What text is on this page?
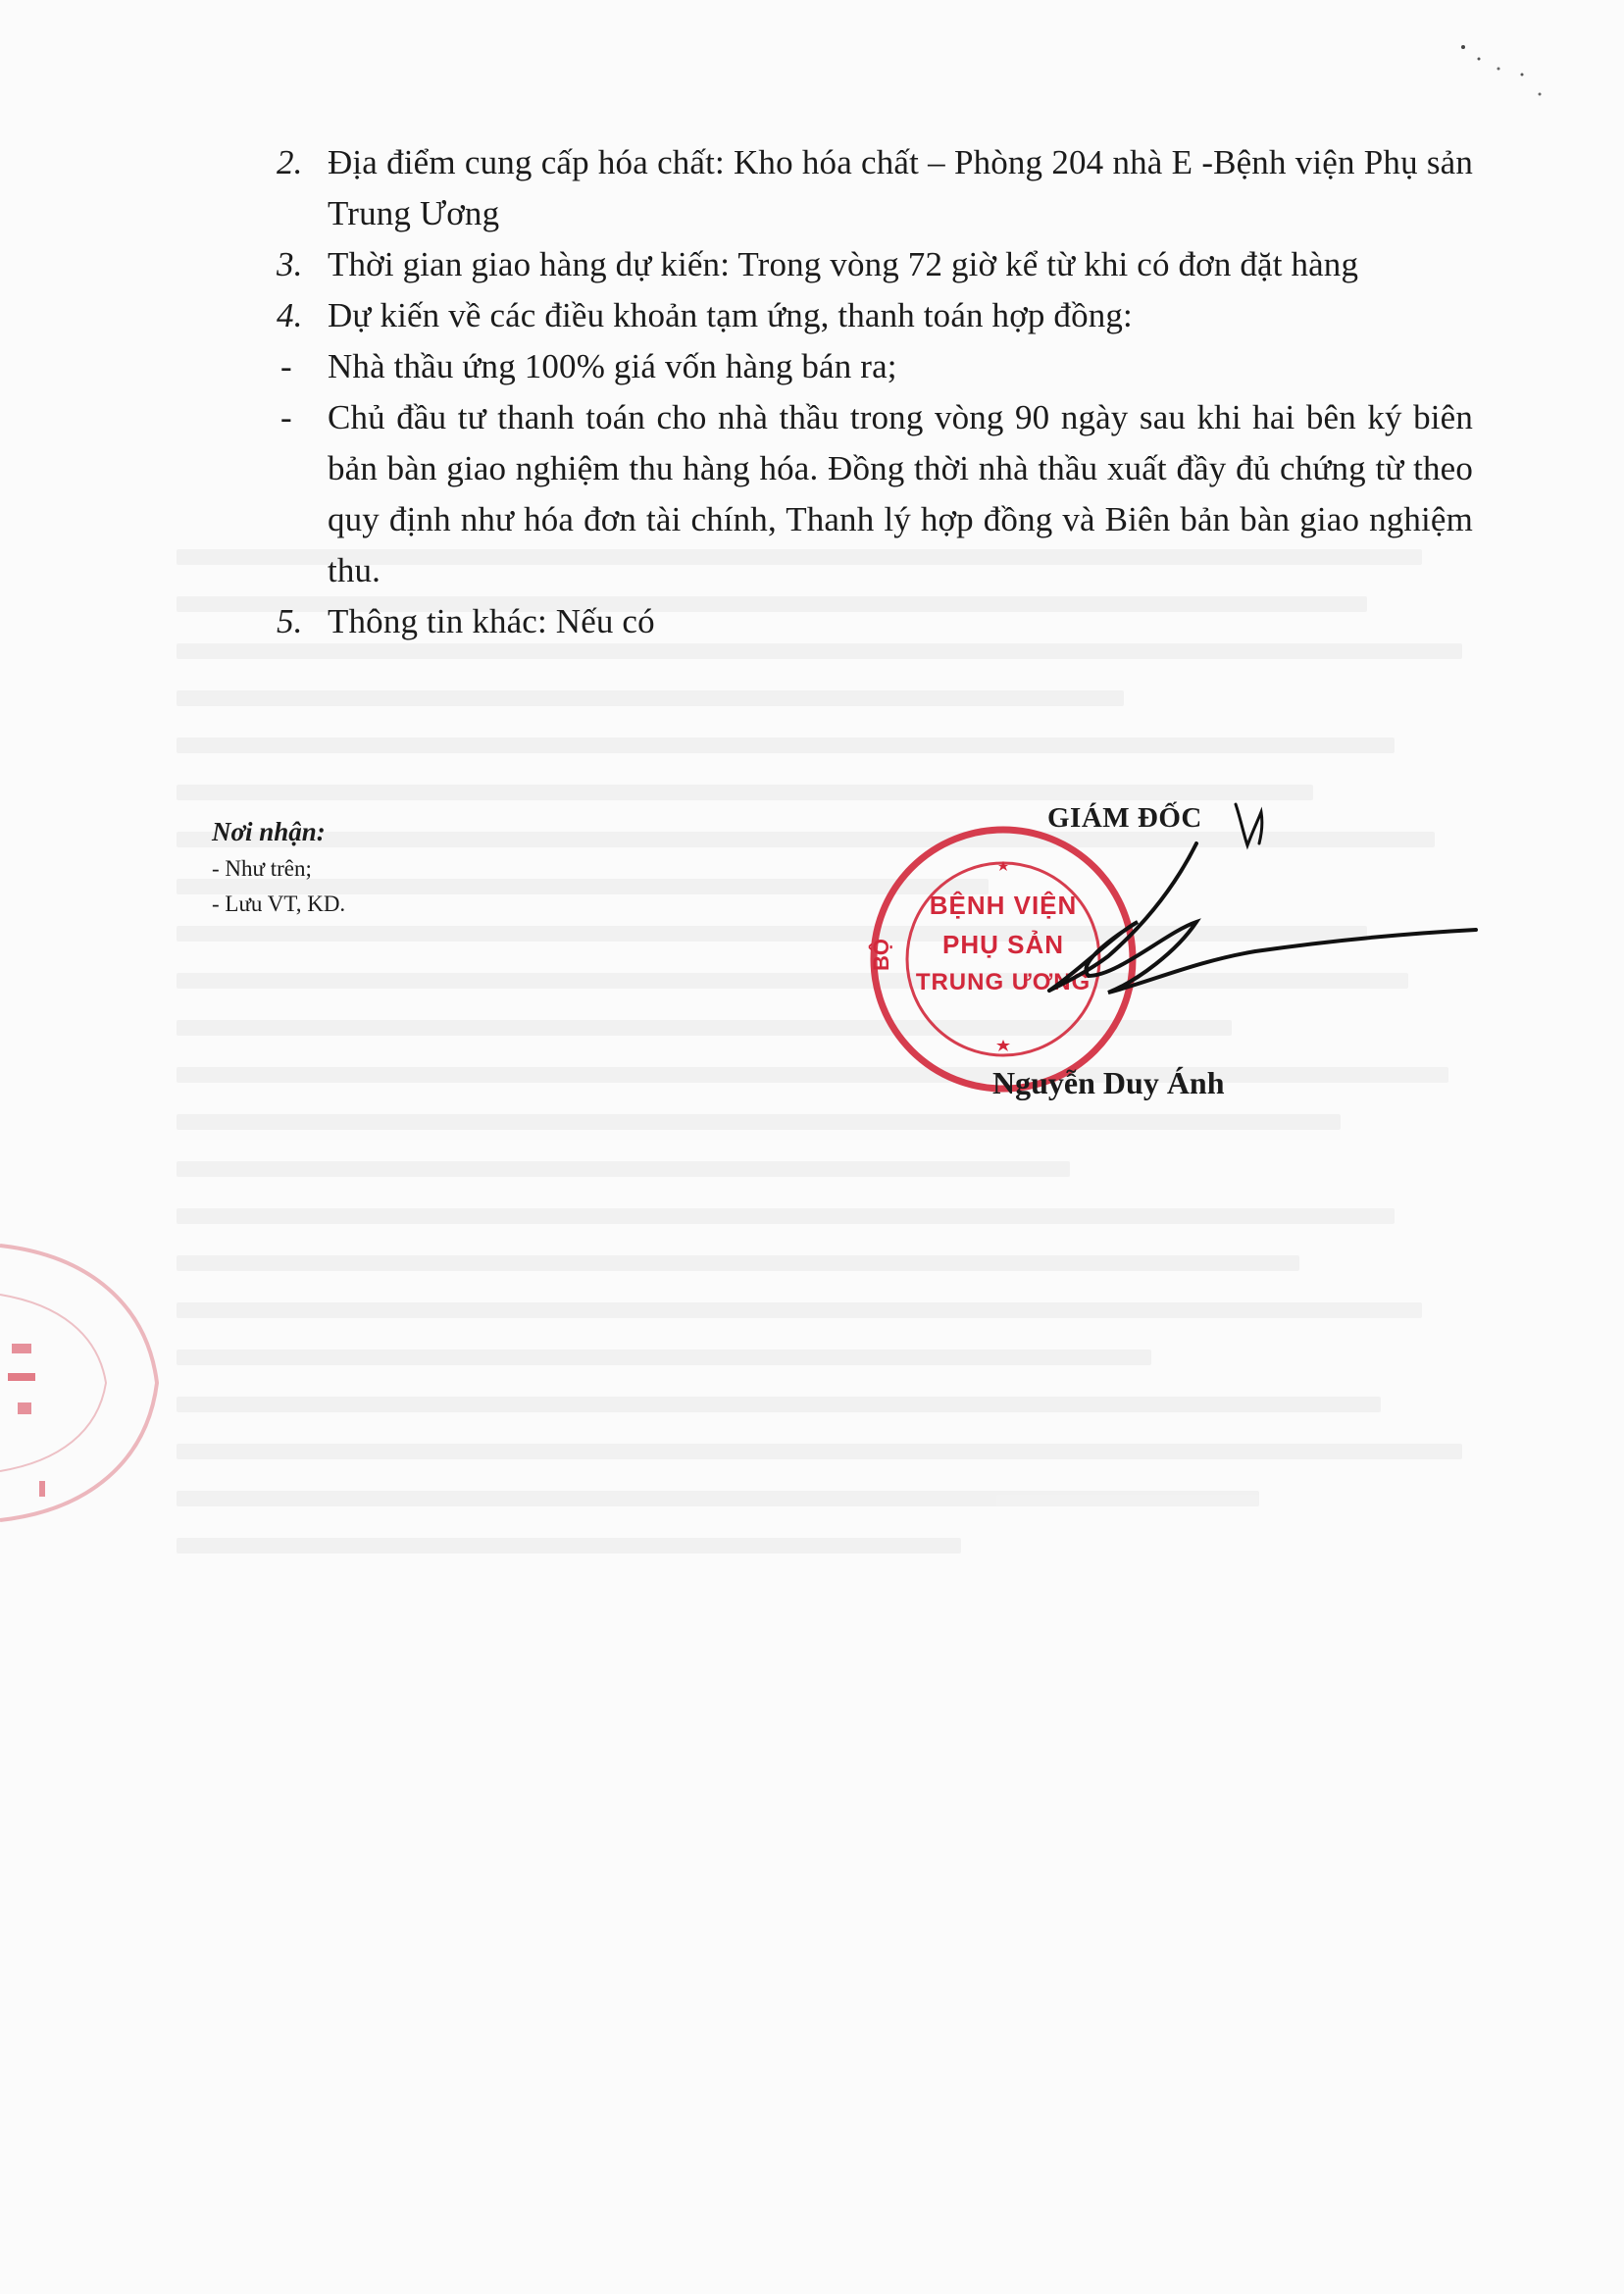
2. Địa điểm cung cấp hóa chất: Kho hóa chất – Phòng 204 nhà E -Bệnh viện Phụ sản Trung Ương
3. Thời gian giao hàng dự kiến: Trong vòng 72 giờ kể từ khi có đơn đặt hàng
4. Dự kiến về các điều khoản tạm ứng, thanh toán hợp đồng:
- Nhà thầu ứng 100% giá vốn hàng bán ra;
- Chủ đầu tư thanh toán cho nhà thầu trong vòng 90 ngày sau khi hai bên ký biên bản bàn giao nghiệm thu hàng hóa. Đồng thời nhà thầu xuất đầy đủ chứng từ theo quy định như hóa đơn tài chính, Thanh lý hợp đồng và Biên bản bàn giao nghiệm thu.
5. Thông tin khác: Nếu có
Nơi nhận:
- Như trên;
- Lưu VT, KD.
BỘ
BỆNH VIỆN
PHỤ SẢN
TRUNG ƯƠNG
GIÁM ĐỐC
Nguyễn Duy Ánh
